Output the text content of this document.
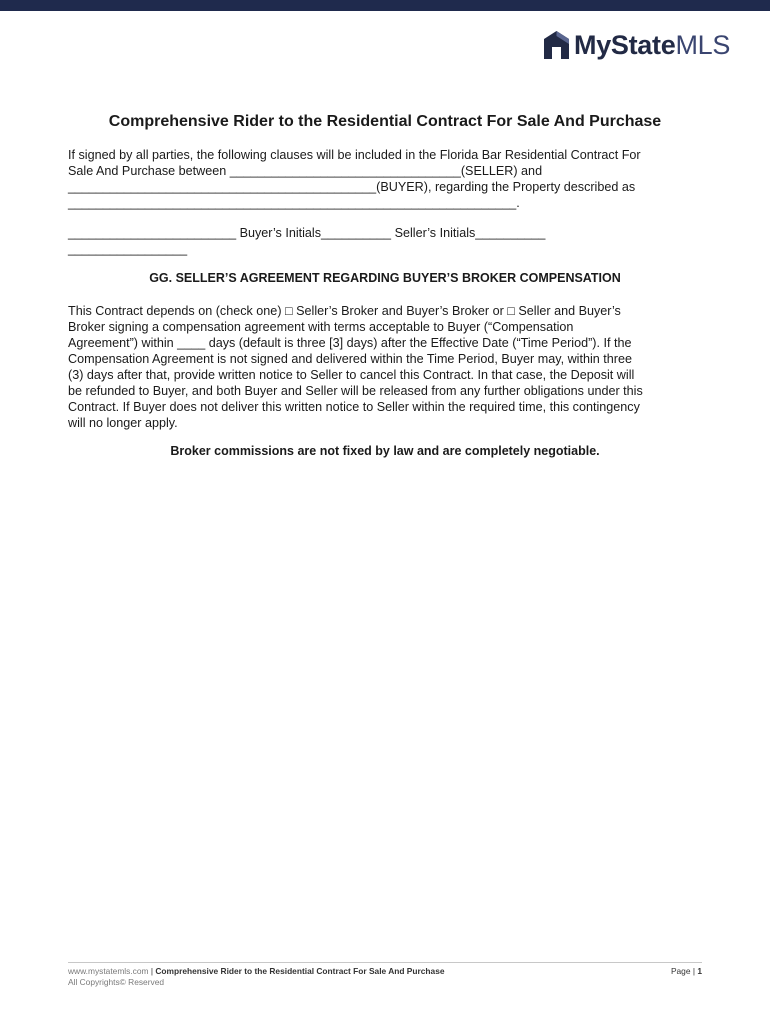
MyStateMLS
Comprehensive Rider to the Residential Contract For Sale And Purchase

If signed by all parties, the following clauses will be included in the Florida Bar Residential Contract For
Sale And Purchase between _________________________________(SELLER) and
____________________________________________(BUYER), regarding the Property described as
________________________________________________________________.

________________________ Buyer’s Initials__________ Seller’s Initials__________
_________________

GG. SELLER’S AGREEMENT REGARDING BUYER’S BROKER COMPENSATION

This Contract depends on (check one) □ Seller’s Broker and Buyer’s Broker or □ Seller and Buyer’s
Broker signing a compensation agreement with terms acceptable to Buyer (“Compensation
Agreement”) within ____ days (default is three [3] days) after the Effective Date (“Time Period”). If the
Compensation Agreement is not signed and delivered within the Time Period, Buyer may, within three
(3) days after that, provide written notice to Seller to cancel this Contract. In that case, the Deposit will
be refunded to Buyer, and both Buyer and Seller will be released from any further obligations under this
Contract. If Buyer does not deliver this written notice to Seller within the required time, this contingency
will no longer apply.

Broker commissions are not fixed by law and are completely negotiable.

www.mystatemls.com | Comprehensive Rider to the Residential Contract For Sale And Purchase
All Copyrights© Reserved
Page | 1
